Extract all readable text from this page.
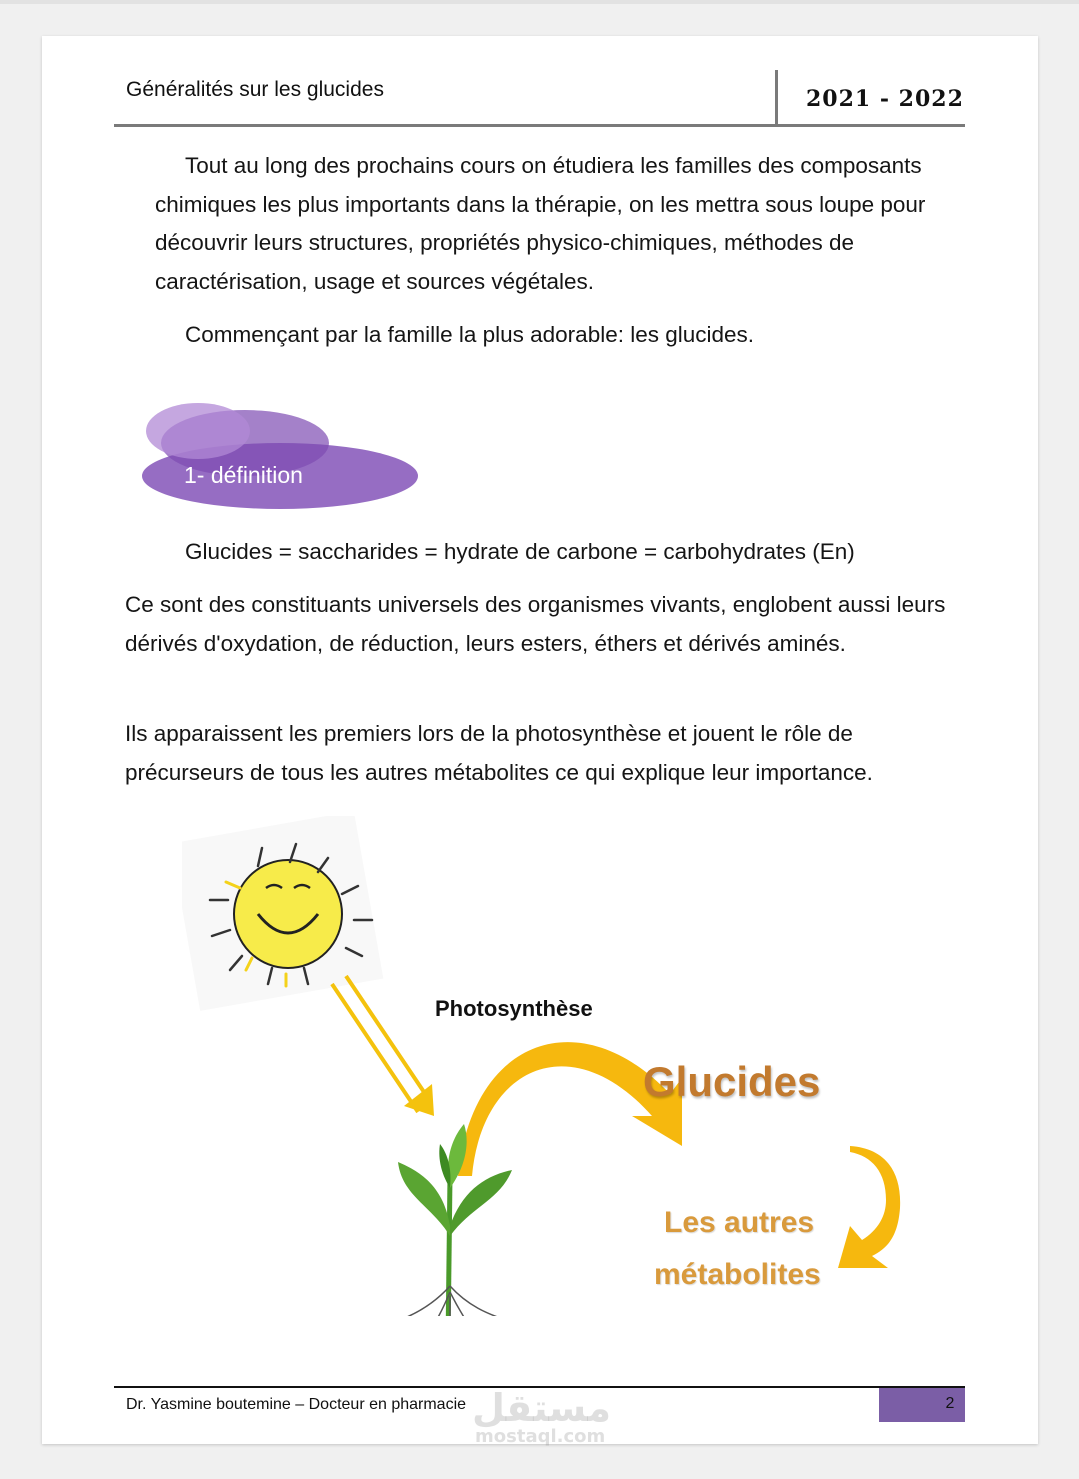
Généralités sur les glucides	2021 - 2022

Tout au long des prochains cours on étudiera les familles des composants chimiques les plus importants dans la thérapie, on les mettra sous loupe pour découvrir leurs structures, propriétés physico-chimiques, méthodes de caractérisation, usage et sources végétales.

Commençant par la famille la plus adorable: les glucides.

1- définition

Glucides = saccharides = hydrate de carbone = carbohydrates (En)

Ce sont des constituants universels des organismes vivants, englobent aussi leurs dérivés d'oxydation, de réduction, leurs esters, éthers et dérivés aminés.

Ils apparaissent les premiers lors de la photosynthèse et jouent le rôle de précurseurs de tous les autres métabolites ce qui explique leur importance.

Photosynthèse
Glucides
Les autres
métabolites
Dr. Yasmine boutemine – Docteur en pharmacie	2
مستقل
mostaql.com
